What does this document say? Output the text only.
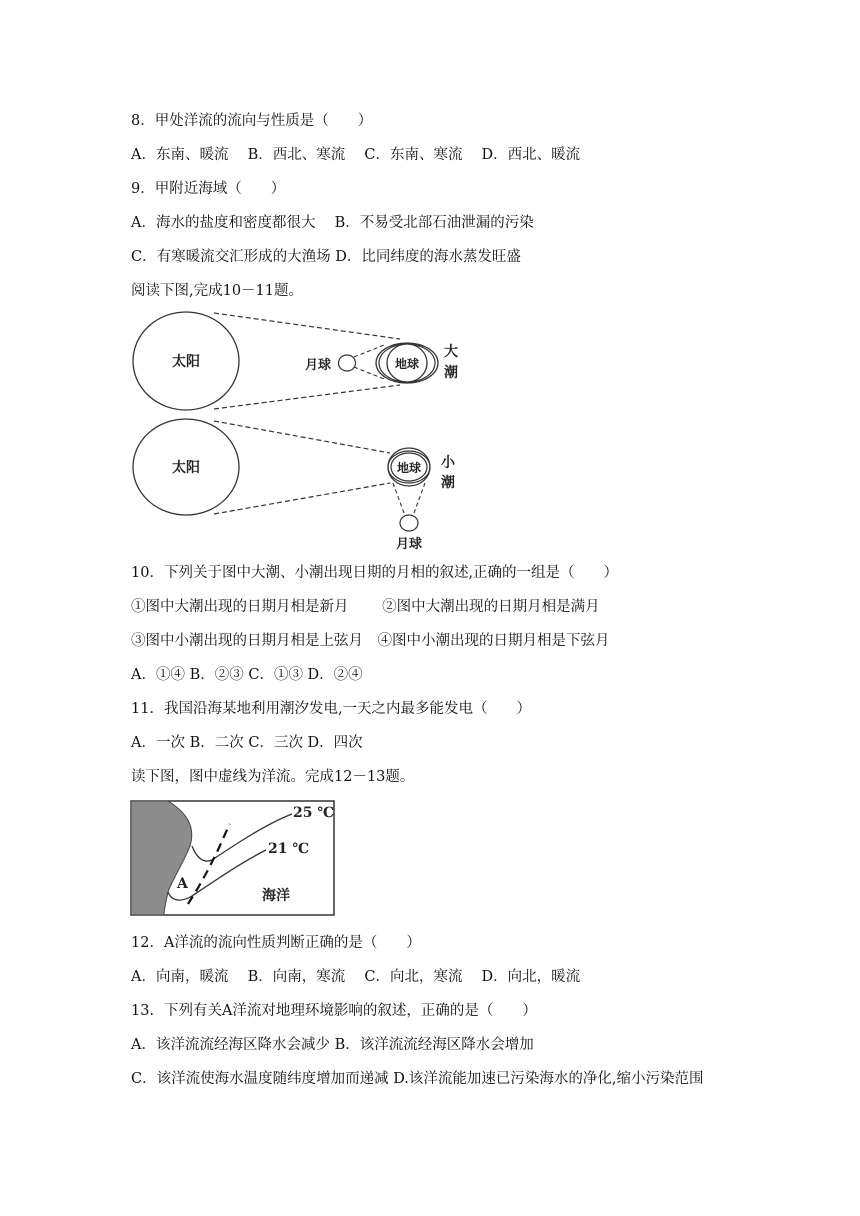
8．甲处洋流的流向与性质是（　　）
A．东南、暖流　 B．西北、寒流　 C．东南、寒流　 D．西北、暖流
9．甲附近海域（　　）
A．海水的盐度和密度都很大　 B．不易受北部石油泄漏的污染
C．有寒暖流交汇形成的大渔场 D．比同纬度的海水蒸发旺盛
阅读下图,完成10－11题。
太阳	月球	地球
大
潮
太阳	地球 小
潮
月球
10．下列关于图中大潮、小潮出现日期的月相的叙述,正确的一组是（　　）
①图中大潮出现的日期月相是新月　　 ②图中大潮出现的日期月相是满月
③图中小潮出现的日期月相是上弦月　④图中小潮出现的日期月相是下弦月
A．①④ B．②③ C．①③ D．②④
11．我国沿海某地利用潮汐发电,一天之内最多能发电（　　）
A．一次 B．二次 C．三次 D．四次
读下图，图中虚线为洋流。完成12－13题。
25 ℃
21 ℃
A
海洋
12．A洋流的流向性质判断正确的是（　　）
A．向南，暖流　 B．向南，寒流　 C．向北，寒流　 D．向北，暖流
13．下列有关A洋流对地理环境影响的叙述，正确的是（　　）
A．该洋流流经海区降水会减少 B．该洋流流经海区降水会增加
C．该洋流使海水温度随纬度增加而递减 D.该洋流能加速已污染海水的净化,缩小污染范围
